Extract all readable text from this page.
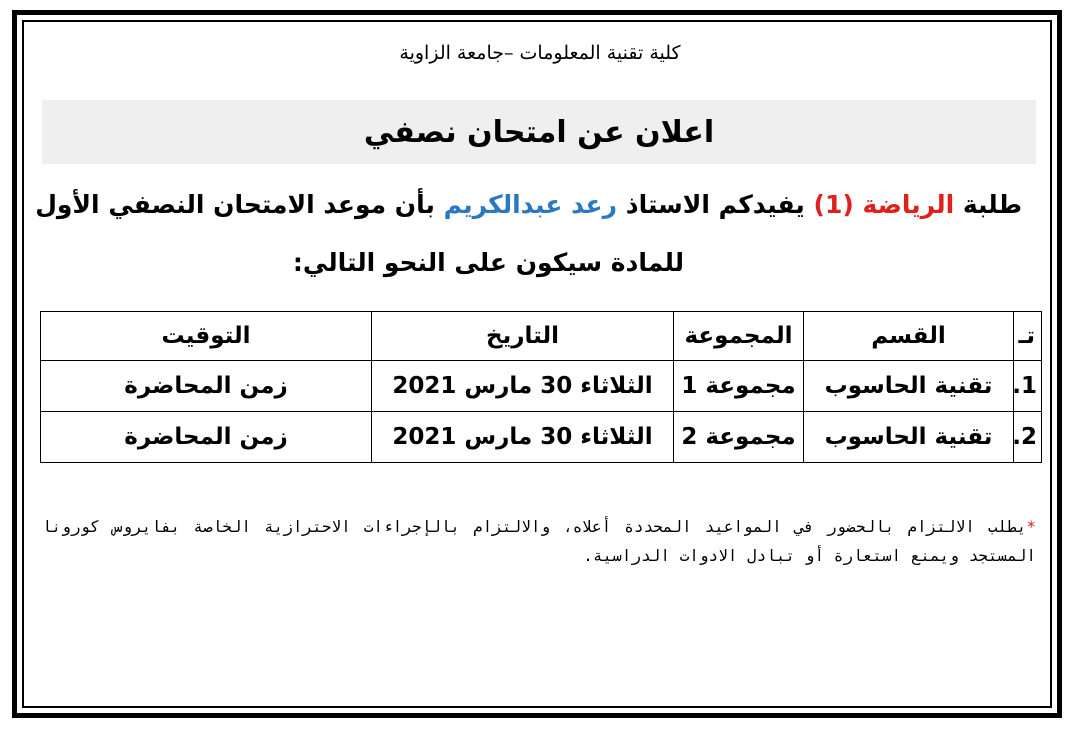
كلية تقنية المعلومات –جامعة الزاوية
اعلان عن امتحان نصفي
طلبة الرياضة (1) يفيدكم الاستاذ رعد عبدالكريم بأن موعد الامتحان النصفي الأول
للمادة سيكون على النحو التالي:
تـ	القسم	المجموعة	التاريخ	التوقيت
1.	تقنية الحاسوب	مجموعة 1	الثلاثاء 30 مارس 2021	زمن المحاضرة
2.	تقنية الحاسوب	مجموعة 2	الثلاثاء 30 مارس 2021	زمن المحاضرة
*يطلب الالتزام بالحضور في المواعيد المحددة أعلاه، والالتزام بالإجراءات الاحترازية الخاصة بفايروس كورونا المستجد ويمنع استعارة أو تبادل الادوات الدراسية.
